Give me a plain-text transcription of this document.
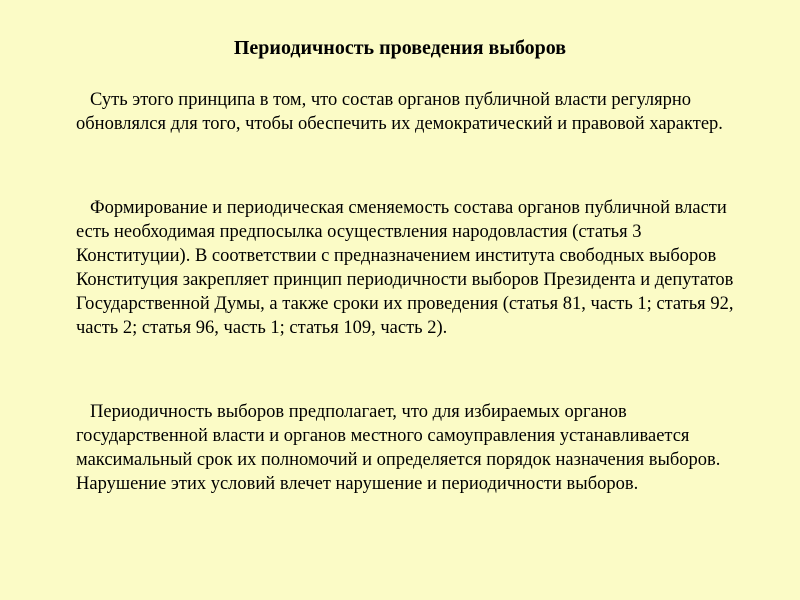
Периодичность проведения выборов

Суть этого принципа в том, что состав органов публичной власти регулярно обновлялся для того, чтобы обеспечить их демократический и правовой характер.

Формирование и периодическая сменяемость состава органов публичной власти есть необходимая предпосылка осуществления народовластия (статья 3 Конституции). В соответствии с предназначением института свободных выборов Конституция закрепляет принцип периодичности выборов Президента и депутатов Государственной Думы, а также сроки их проведения (статья 81, часть 1; статья 92, часть 2; статья 96, часть 1; статья 109, часть 2).

Периодичность выборов предполагает, что для избираемых органов государственной власти и органов местного самоуправления устанавливается максимальный срок их полномочий и определяется порядок назначения выборов. Нарушение этих условий влечет нарушение и периодичности выборов.
